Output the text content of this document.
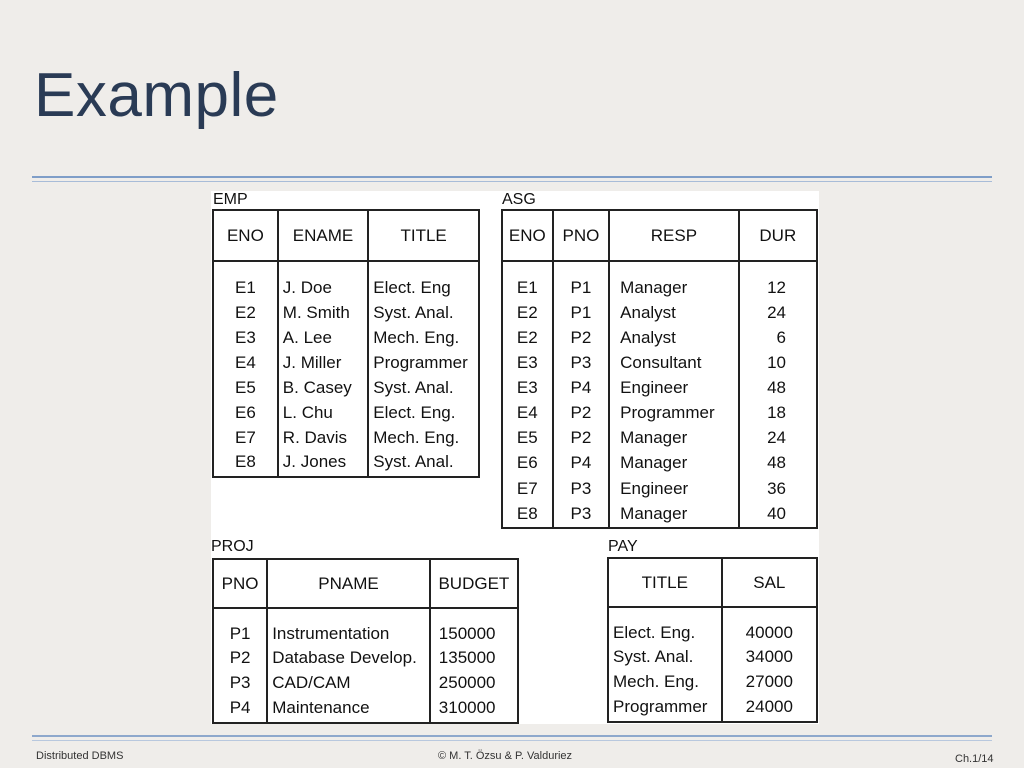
Example
EMP
ENO	ENAME	TITLE
E1	J. Doe	Elect. Eng
E2	M. Smith	Syst. Anal.
E3	A. Lee	Mech. Eng.
E4	J. Miller	Programmer
E5	B. Casey	Syst. Anal.
E6	L. Chu	Elect. Eng.
E7	R. Davis	Mech. Eng.
E8	J. Jones	Syst. Anal.
ASG
ENO	PNO	RESP	DUR
E1	P1	Manager	12
E2	P1	Analyst	24
E2	P2	Analyst	6
E3	P3	Consultant	10
E3	P4	Engineer	48
E4	P2	Programmer	18
E5	P2	Manager	24
E6	P4	Manager	48
E7	P3	Engineer	36
E8	P3	Manager	40
PROJ
PNO	PNAME	BUDGET
P1	Instrumentation	150000
P2	Database Develop.	135000
P3	CAD/CAM	250000
P4	Maintenance	310000
PAY
TITLE	SAL
Elect. Eng.	40000
Syst. Anal.	34000
Mech. Eng.	27000
Programmer	24000
Distributed DBMS	© M. T. Özsu & P. Valduriez	Ch.1/14
